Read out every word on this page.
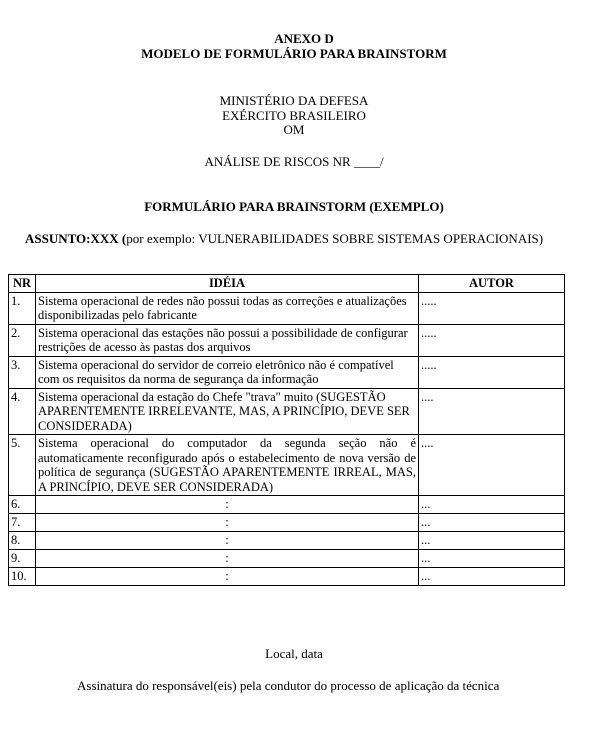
ANEXO D
MODELO DE FORMULÁRIO PARA BRAINSTORM
MINISTÉRIO DA DEFESA
EXÉRCITO BRASILEIRO
OM
ANÁLISE DE RISCOS NR ____/
FORMULÁRIO PARA BRAINSTORM (EXEMPLO)
ASSUNTO:XXX (por exemplo: VULNERABILIDADES SOBRE SISTEMAS OPERACIONAIS)
NR	IDÉIA	AUTOR
1.	Sistema operacional de redes não possui todas as correções e atualizações disponibilizadas pelo fabricante	.....
2.	Sistema operacional das estações não possui a possibilidade de configurar restrições de acesso às pastas dos arquivos	.....
3.	Sistema operacional do servidor de correio eletrônico não é compatível com os requisitos da norma de segurança da informação	.....
4.	Sistema operacional da estação do Chefe "trava" muito (SUGESTÃO APARENTEMENTE IRRELEVANTE, MAS, A PRINCÍPIO, DEVE SER CONSIDERADA)	....
5.	Sistema operacional do computador da segunda seção não é automaticamente reconfigurado após o estabelecimento de nova versão de política de segurança (SUGESTÃO APARENTEMENTE IRREAL, MAS, A PRINCÍPIO, DEVE SER CONSIDERADA)	....
6.	:	...
7.	:	...
8.	:	...
9.	:	...
10.	:	...
Local, data
Assinatura do responsável(eis) pela condutor do processo de aplicação da técnica
